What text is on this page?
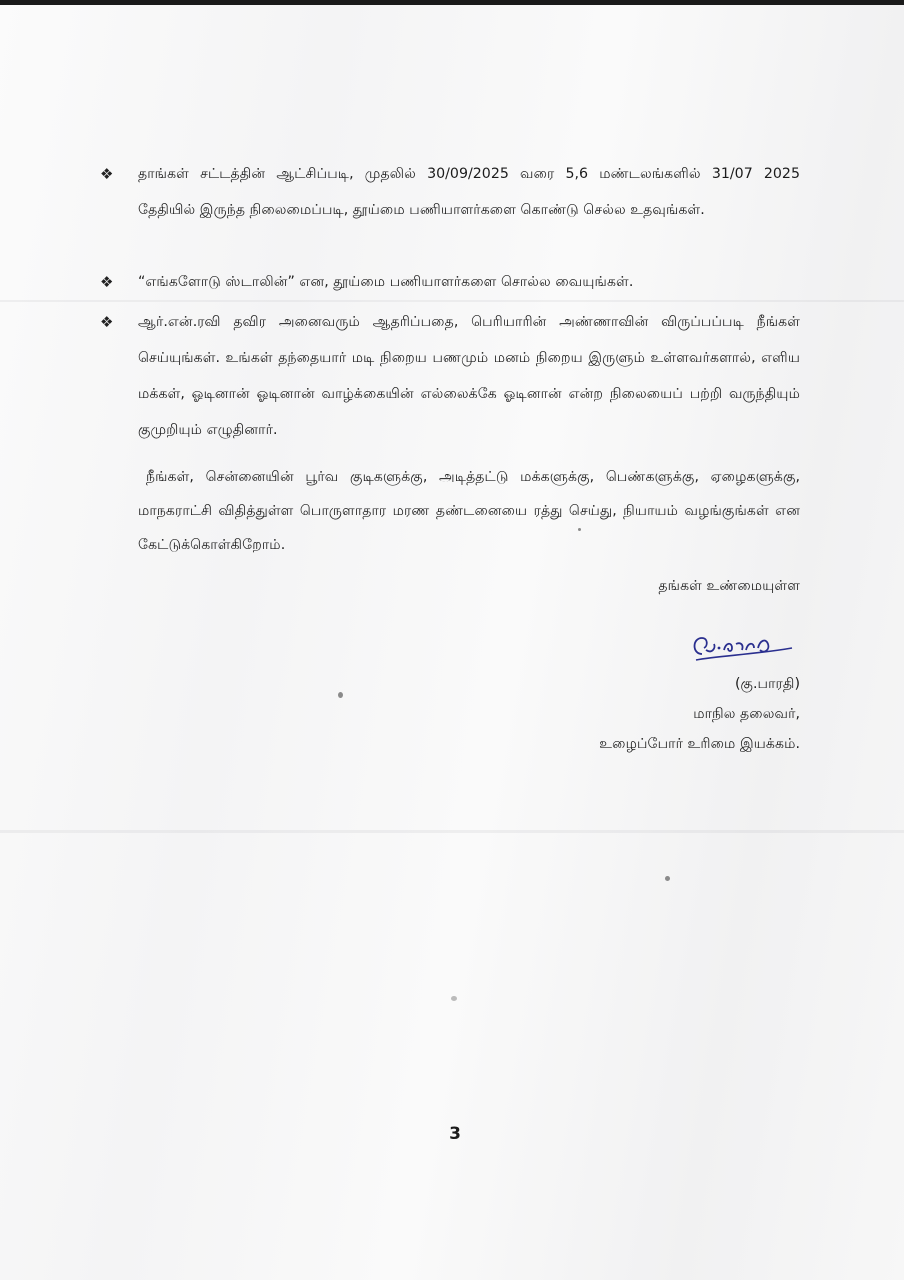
❖	தாங்கள் சட்டத்தின் ஆட்சிப்படி, முதலில் 30/09/2025 வரை 5,6 மண்டலங்களில் 31/07 2025 தேதியில் இருந்த நிலைமைப்படி, தூய்மை பணியாளர்களை கொண்டு செல்ல உதவுங்கள்.
❖	“எங்களோடு ஸ்டாலின்” என, தூய்மை பணியாளர்களை சொல்ல வையுங்கள்.
❖	ஆர்.என்.ரவி தவிர அனைவரும் ஆதரிப்பதை, பெரியாரின் அண்ணாவின் விருப்பப்படி நீங்கள் செய்யுங்கள். உங்கள் தந்தையார் மடி நிறைய பணமும் மனம் நிறைய இருளும் உள்ளவர்களால், எளிய மக்கள், ஓடினான் ஓடினான் வாழ்க்கையின் எல்லைக்கே ஓடினான் என்ற நிலையைப் பற்றி வருந்தியும் குமுறியும் எழுதினார்.
நீங்கள், சென்னையின் பூர்வ குடிகளுக்கு, அடித்தட்டு மக்களுக்கு, பெண்களுக்கு, ஏழைகளுக்கு, மாநகராட்சி விதித்துள்ள பொருளாதார மரண தண்டனையை ரத்து செய்து, நியாயம் வழங்குங்கள் என கேட்டுக்கொள்கிறோம்.
தங்கள் உண்மையுள்ள
(கு.பாரதி)
மாநில தலைவர்,
உழைப்போர் உரிமை இயக்கம்.
3
